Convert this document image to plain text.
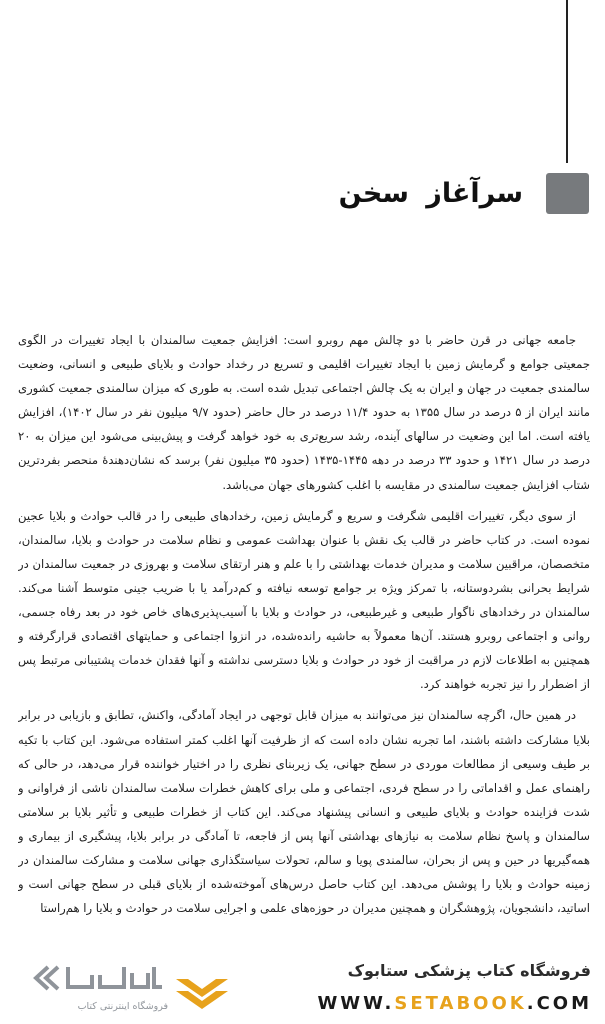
سرآغاز سخن

جامعه جهانی در قرن حاضر با دو چالش مهم روبرو است: افزایش جمعیت سالمندان با ایجاد تغییرات در الگوی جمعیتی جوامع و گرمایش زمین با ایجاد تغییرات اقلیمی و تسریع در رخداد حوادث و بلایای طبیعی و انسانی، وضعیت سالمندی جمعیت در جهان و ایران به یک چالش اجتماعی تبدیل شده است. به طوری که میزان سالمندی جمعیت کشوری مانند ایران از ۵ درصد در سال ۱۳۵۵ به حدود ۱۱/۴ درصد در حال حاضر (حدود ۹/۷ میلیون نفر در سال ۱۴۰۲)، افزایش یافته است. اما این وضعیت در سالهای آینده، رشد سریع‌تری به خود خواهد گرفت و پیش‌بینی می‌شود این میزان به ۲۰ درصد در سال ۱۴۲۱ و حدود ۳۳ درصد در دهه ۱۴۴۵-۱۴۳۵ (حدود ۳۵ میلیون نفر) برسد که نشان‌دهندهٔ منحصر بفردترین شتاب افزایش جمعیت سالمندی در مقایسه با اغلب کشورهای جهان می‌باشد.

از سوی دیگر، تغییرات اقلیمی شگرفت و سریع و گرمایش زمین، رخدادهای طبیعی را در قالب حوادث و بلایا عجین نموده است. در کتاب حاضر در قالب یک نقش با عنوان بهداشت عمومی و نظام سلامت در حوادث و بلایا، سالمندان، متخصصان، مراقبین سلامت و مدیران خدمات بهداشتی را با علم و هنر ارتقای سلامت و بهروزی در جمعیت سالمندان در شرایط بحرانی بشردوستانه، با تمرکز ویژه بر جوامع توسعه نیافته و کم‌درآمد یا با ضریب جینی متوسط آشنا می‌کند. سالمندان در رخدادهای ناگوار طبیعی و غیرطبیعی، در حوادث و بلایا با آسیب‌پذیری‌های خاص خود در بعد رفاه جسمی، روانی و اجتماعی روبرو هستند. آن‌ها معمولاً به حاشیه رانده‌شده، در انزوا اجتماعی و حمایتهای اقتصادی قرارگرفته و همچنین به اطلاعات لازم در مراقبت از خود در حوادث و بلایا دسترسی نداشته و آنها فقدان خدمات پشتیبانی مرتبط پس از اضطرار را نیز تجربه خواهند کرد.

در همین حال، اگرچه سالمندان نیز می‌توانند به میزان قابل توجهی در ایجاد آمادگی، واکنش، تطابق و بازیابی در برابر بلایا مشارکت داشته باشند، اما تجربه نشان داده است که از ظرفیت آنها اغلب کمتر استفاده می‌شود. این کتاب با تکیه بر طیف وسیعی از مطالعات موردی در سطح جهانی، یک زیربنای نظری را در اختیار خواننده قرار می‌دهد، در حالی که راهنمای عمل و اقداماتی را در سطح فردی، اجتماعی و ملی برای کاهش خطرات سلامت سالمندان ناشی از فراوانی و شدت فزاینده حوادث و بلایای طبیعی و انسانی پیشنهاد می‌کند. این کتاب از خطرات طبیعی و تأثیر بلایا بر سلامتی سالمندان و پاسخ نظام سلامت به نیازهای بهداشتی آنها پس از فاجعه، تا آمادگی در برابر بلایا، پیشگیری از بیماری و همه‌گیریها در حین و پس از بحران، سالمندی پویا و سالم، تحولات سیاستگذاری جهانی سلامت و مشارکت سالمندان در زمینه حوادث و بلایا را پوشش می‌دهد. این کتاب حاصل درس‌های آموخته‌شده از بلایای قبلی در سطح جهانی است و اساتید، دانشجویان، پژوهشگران و همچنین مدیران در حوزه‌های علمی و اجرایی سلامت در حوادث و بلایا را هم‌راستا

فروشگاه کتاب پزشکی ستابوک
WWW.SETABOOK.COM
فروشگاه اینترنتی کتاب
